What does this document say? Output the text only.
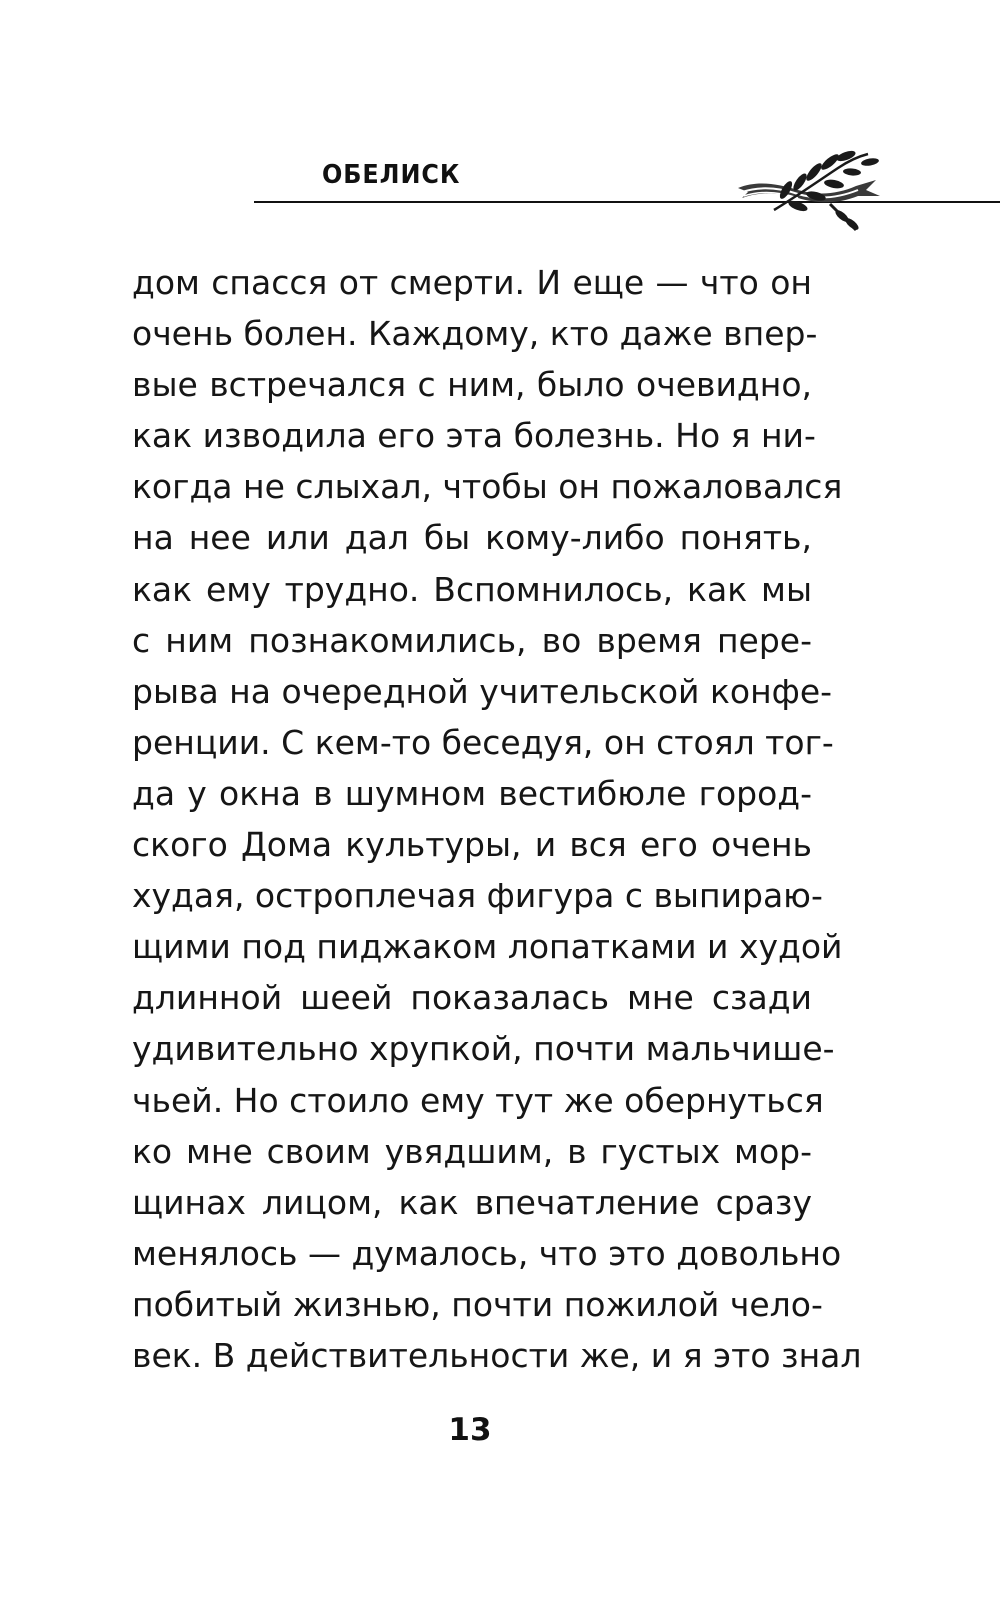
ОБЕЛИСК
дом спасся от смерти. И еще — что он
очень болен. Каждому, кто даже впер-
вые встречался с ним, было очевидно,
как изводила его эта болезнь. Но я ни-
когда не слыхал, чтобы он пожаловался
на нее или дал бы кому-либо понять,
как ему трудно. Вспомнилось, как мы
с ним познакомились, во время пере-
рыва на очередной учительской конфе-
ренции. С кем-то беседуя, он стоял тог-
да у окна в шумном вестибюле город-
ского Дома культуры, и вся его очень
худая, остроплечая фигура с выпираю-
щими под пиджаком лопатками и худой
длинной шеей показалась мне сзади
удивительно хрупкой, почти мальчише-
чьей. Но стоило ему тут же обернуться
ко мне своим увядшим, в густых мор-
щинах лицом, как впечатление сразу
менялось — думалось, что это довольно
побитый жизнью, почти пожилой чело-
век. В действительности же, и я это знал
13
